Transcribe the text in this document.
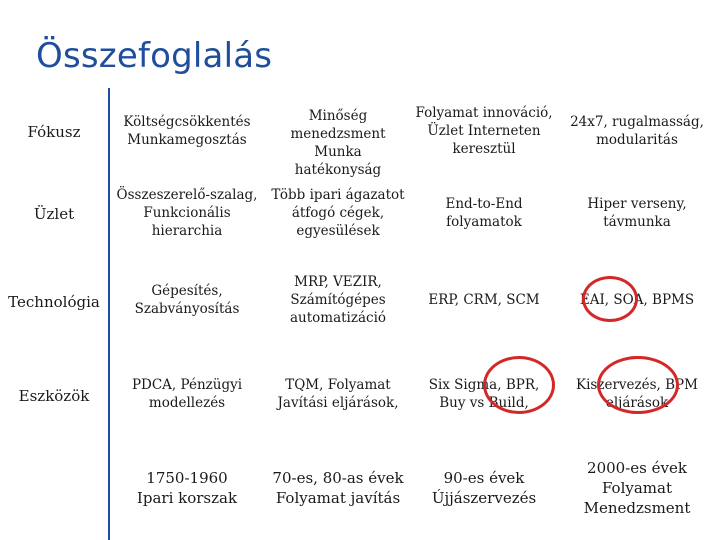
Összefoglalás
Fókusz
Üzlet
Technológia
Eszközök
Költségcsökkentés
Munkamegosztás
Minőség
menedzsment
Munka
hatékonyság
Folyamat innováció,
Üzlet Interneten
keresztül
24x7, rugalmasság,
modularitás
Összeszerelő-szalag,
Funkcionális
hierarchia
Több ipari ágazatot
átfogó cégek,
egyesülések
End-to-End
folyamatok
Hiper verseny,
távmunka
Gépesítés,
Szabványosítás
MRP, VEZIR,
Számítógépes
automatizáció
ERP, CRM, SCM	EAI, SOA, BPMS
PDCA, Pénzügyi
modellezés
TQM, Folyamat
Javítási eljárások,
Six Sigma, BPR,
Buy vs Build,
Kiszervezés, BPM
eljárások
1750-1960
Ipari korszak
70-es, 80-as évek
Folyamat javítás
90-es évek
Újjászervezés
2000-es évek
Folyamat
Menedzsment
